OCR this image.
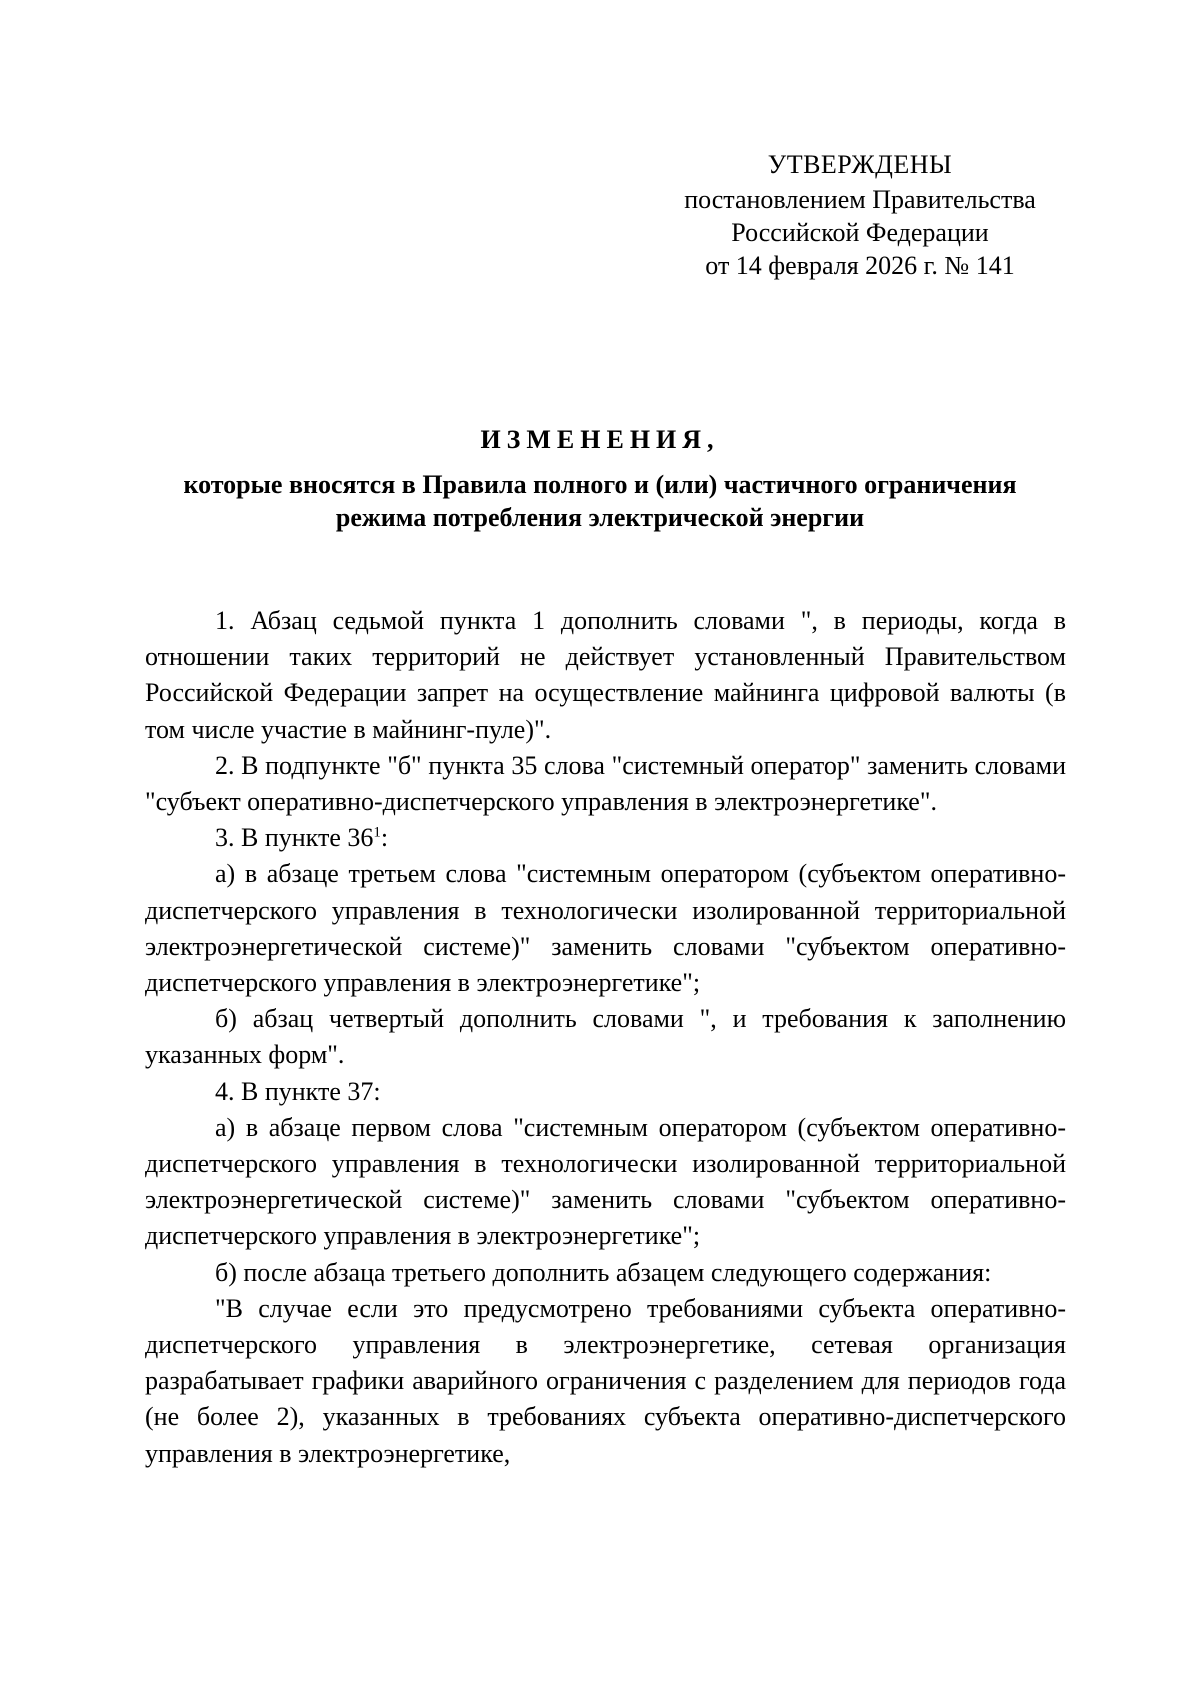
УТВЕРЖДЕНЫ
постановлением Правительства
Российской Федерации
от 14 февраля 2026 г. № 141
ИЗМЕНЕНИЯ,
которые вносятся в Правила полного и (или) частичного ограничения
режима потребления электрической энергии

1. Абзац седьмой пункта 1 дополнить словами ", в периоды, когда в отношении таких территорий не действует установленный Правительством Российской Федерации запрет на осуществление майнинга цифровой валюты (в том числе участие в майнинг-пуле)".

2. В подпункте "б" пункта 35 слова "системный оператор" заменить словами "субъект оперативно-диспетчерского управления в электроэнергетике".

3. В пункте $36^1$:

а) в абзаце третьем слова "системным оператором (субъектом оперативно-диспетчерского управления в технологически изолированной территориальной электроэнергетической системе)" заменить словами "субъектом оперативно-диспетчерского управления в электроэнергетике";

б) абзац четвертый дополнить словами ", и требования к заполнению указанных форм".

4. В пункте 37:

а) в абзаце первом слова "системным оператором (субъектом оперативно-диспетчерского управления в технологически изолированной территориальной электроэнергетической системе)" заменить словами "субъектом оперативно-диспетчерского управления в электроэнергетике";

б) после абзаца третьего дополнить абзацем следующего содержания:

"В случае если это предусмотрено требованиями субъекта оперативно-диспетчерского управления в электроэнергетике, сетевая организация разрабатывает графики аварийного ограничения с разделением для периодов года (не более 2), указанных в требованиях субъекта оперативно-диспетчерского управления в электроэнергетике,
